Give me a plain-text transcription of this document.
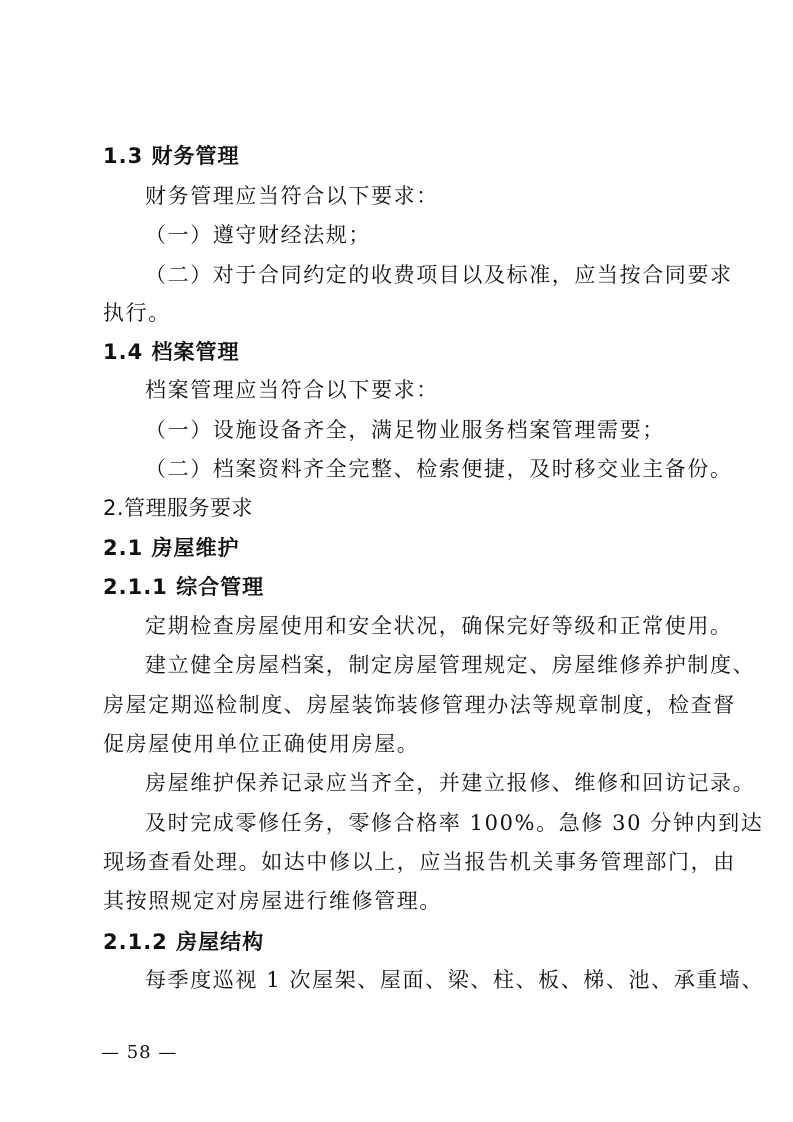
1.3 财务管理
财务管理应当符合以下要求：
（一）遵守财经法规；
（二）对于合同约定的收费项目以及标准，应当按合同要求
执行。
1.4 档案管理
档案管理应当符合以下要求：
（一）设施设备齐全，满足物业服务档案管理需要；
（二）档案资料齐全完整、检索便捷，及时移交业主备份。
2.管理服务要求
2.1 房屋维护
2.1.1 综合管理
定期检查房屋使用和安全状况，确保完好等级和正常使用。
建立健全房屋档案，制定房屋管理规定、房屋维修养护制度、
房屋定期巡检制度、房屋装饰装修管理办法等规章制度，检查督
促房屋使用单位正确使用房屋。
房屋维护保养记录应当齐全，并建立报修、维修和回访记录。
及时完成零修任务，零修合格率 100%。急修 30 分钟内到达
现场查看处理。如达中修以上，应当报告机关事务管理部门，由
其按照规定对房屋进行维修管理。
2.1.2 房屋结构
每季度巡视 1 次屋架、屋面、梁、柱、板、梯、池、承重墙、
— 58 —
